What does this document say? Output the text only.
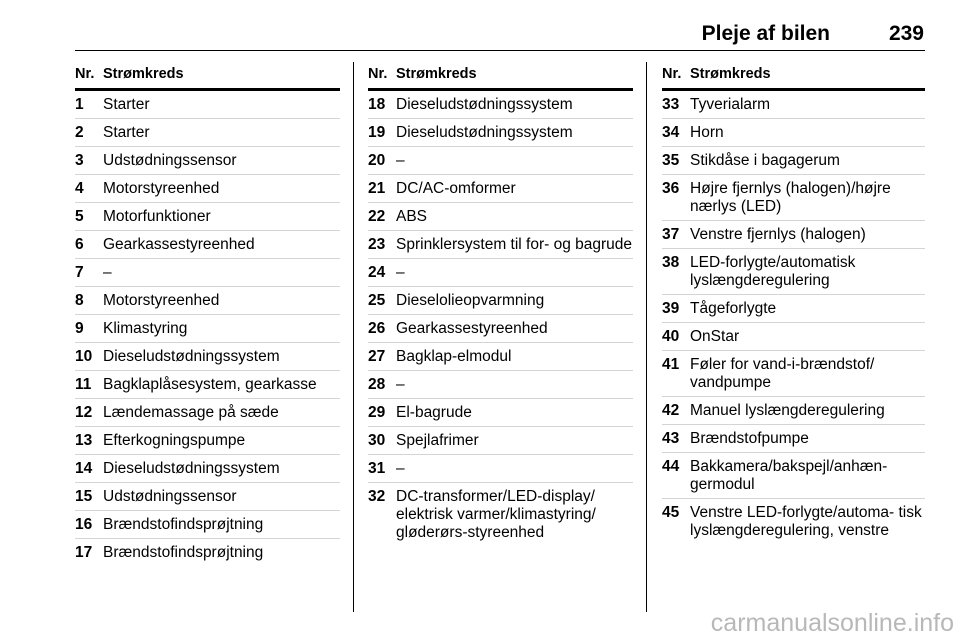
Pleje af bilen	239
Nr. Strømkreds
1	Starter
2	Starter
3	Udstødningssensor
4	Motorstyreenhed
5	Motorfunktioner
6	Gearkassestyreenhed
7	–
8	Motorstyreenhed
9	Klimastyring
10 Dieseludstødningssystem
11 Bagklaplåsesystem, gearkasse
12 Lændemassage på sæde
13 Efterkogningspumpe
14 Dieseludstødningssystem
15 Udstødningssensor
16 Brændstofindsprøjtning
17 Brændstofindsprøjtning
Nr. Strømkreds
18 Dieseludstødningssystem
19 Dieseludstødningssystem
20 –
21 DC/AC-omformer
22 ABS
23 Sprinklersystem til for- og bagrude
24 –
25 Dieselolieopvarmning
26 Gearkassestyreenhed
27 Bagklap-elmodul
28 –
29 El-bagrude
30 Spejlafrimer
31 –
32 DC-transformer/LED-display/ elektrisk varmer/klimastyring/ gløderørs-styreenhed
Nr. Strømkreds
33 Tyverialarm
34 Horn
35 Stikdåse i bagagerum
36 Højre fjernlys (halogen)/højre nærlys (LED)
37 Venstre fjernlys (halogen)
38 LED-forlygte/automatisk lyslængderegulering
39 Tågeforlygte
40 OnStar
41 Føler for vand-i-brændstof/ vandpumpe
42 Manuel lyslængderegulering
43 Brændstofpumpe
44 Bakkamera/bakspejl/anhæn- germodul
45 Venstre LED-forlygte/automa- tisk lyslængderegulering, venstre
carmanualsonline.info
